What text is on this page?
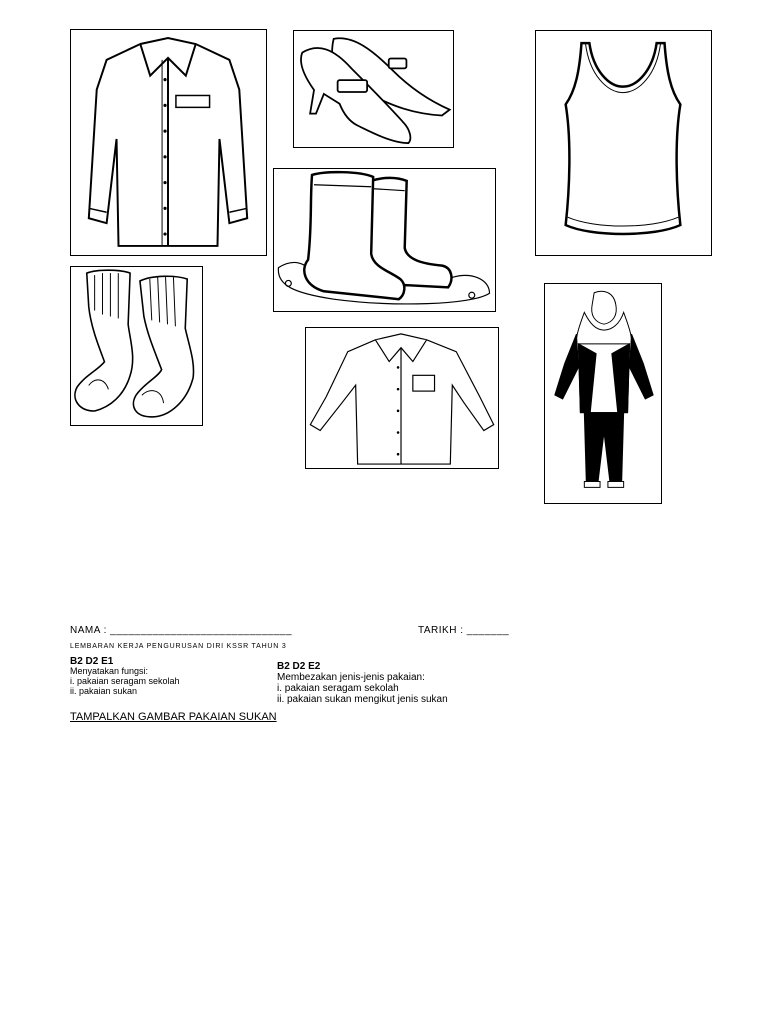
NAMA : ______________________________	TARIKH : _______
LEMBARAN KERJA PENGURUSAN DIRI KSSR TAHUN 3
B2 D2 E1
Menyatakan fungsi:
i. pakaian seragam sekolah
ii. pakaian sukan
B2 D2 E2
Membezakan jenis-jenis pakaian:
i. pakaian seragam sekolah
ii. pakaian sukan mengikut jenis sukan
TAMPALKAN GAMBAR PAKAIAN SUKAN
